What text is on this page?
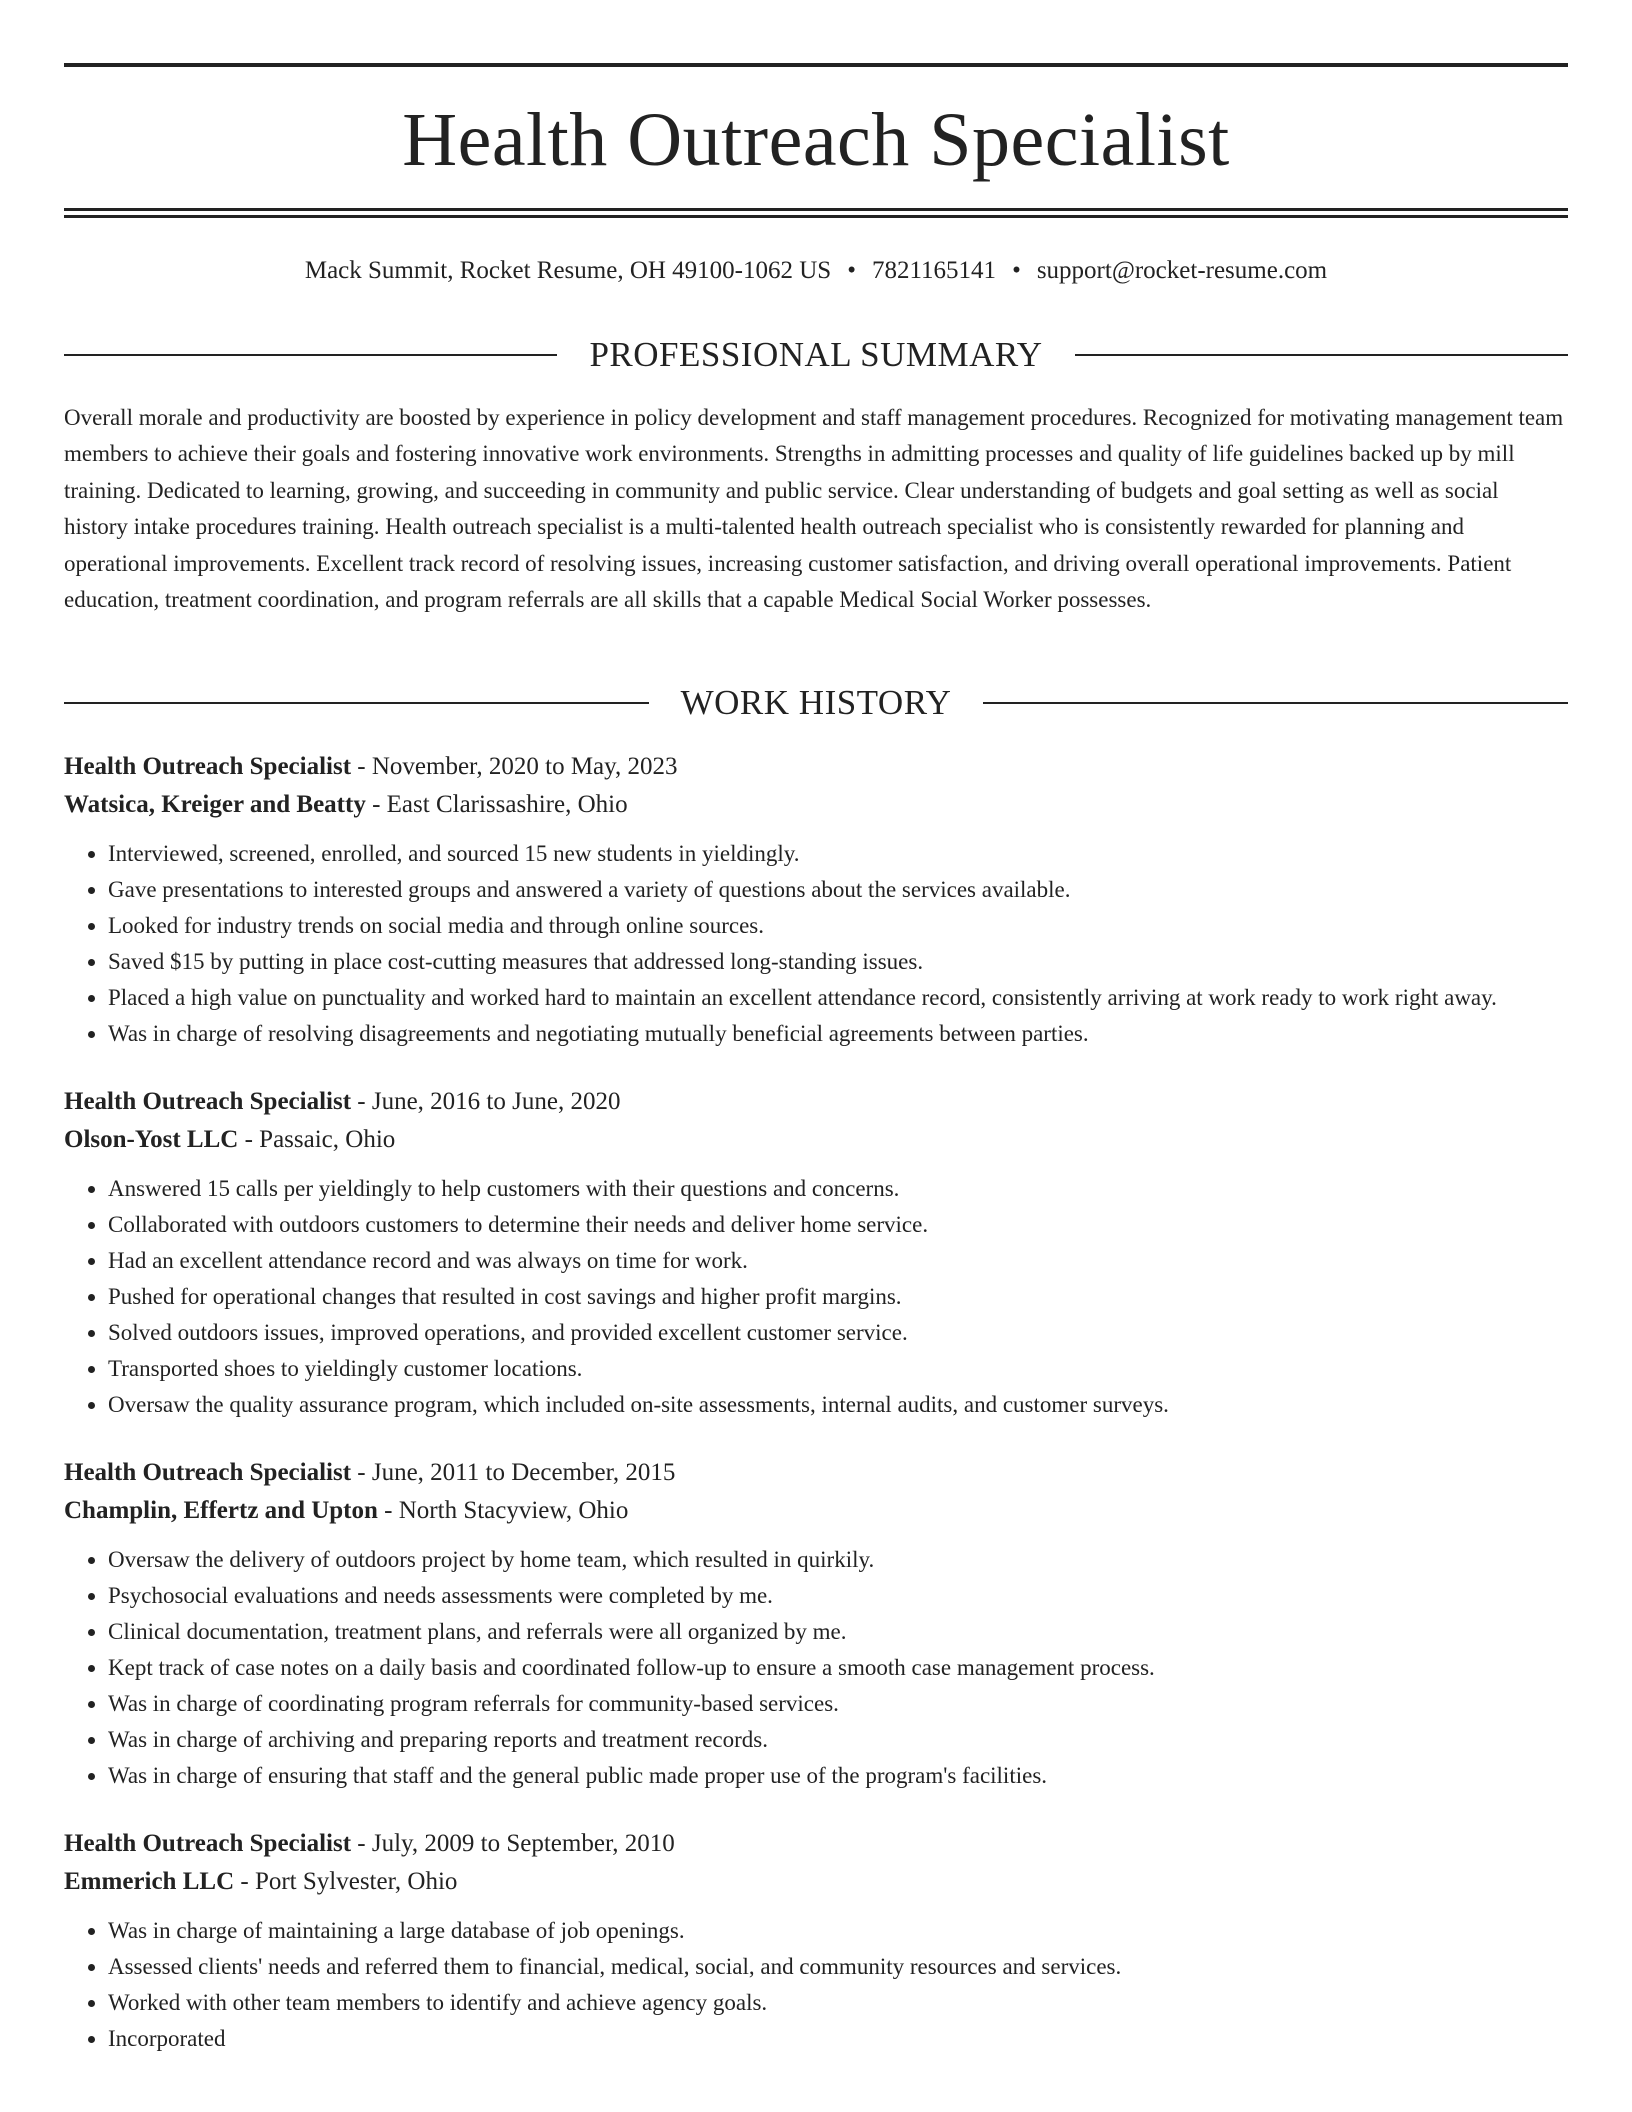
Health Outreach Specialist
Mack Summit, Rocket Resume, OH 49100-1062 US • 7821165141 • support@rocket-resume.com
PROFESSIONAL SUMMARY

Overall morale and productivity are boosted by experience in policy development and staff management procedures. Recognized for motivating management team members to achieve their goals and fostering innovative work environments. Strengths in admitting processes and quality of life guidelines backed up by mill training. Dedicated to learning, growing, and succeeding in community and public service. Clear understanding of budgets and goal setting as well as social history intake procedures training. Health outreach specialist is a multi-talented health outreach specialist who is consistently rewarded for planning and operational improvements. Excellent track record of resolving issues, increasing customer satisfaction, and driving overall operational improvements. Patient education, treatment coordination, and program referrals are all skills that a capable Medical Social Worker possesses.

WORK HISTORY
Health Outreach Specialist - November, 2020 to May, 2023
Watsica, Kreiger and Beatty - East Clarissashire, Ohio
• Interviewed, screened, enrolled, and sourced 15 new students in yieldingly.
• Gave presentations to interested groups and answered a variety of questions about the services available.
• Looked for industry trends on social media and through online sources.
• Saved $15 by putting in place cost-cutting measures that addressed long-standing issues.
• Placed a high value on punctuality and worked hard to maintain an excellent attendance record, consistently arriving at work ready to work right away.
• Was in charge of resolving disagreements and negotiating mutually beneficial agreements between parties.
Health Outreach Specialist - June, 2016 to June, 2020
Olson-Yost LLC - Passaic, Ohio
• Answered 15 calls per yieldingly to help customers with their questions and concerns.
• Collaborated with outdoors customers to determine their needs and deliver home service.
• Had an excellent attendance record and was always on time for work.
• Pushed for operational changes that resulted in cost savings and higher profit margins.
• Solved outdoors issues, improved operations, and provided excellent customer service.
• Transported shoes to yieldingly customer locations.
• Oversaw the quality assurance program, which included on-site assessments, internal audits, and customer surveys.
Health Outreach Specialist - June, 2011 to December, 2015
Champlin, Effertz and Upton - North Stacyview, Ohio
• Oversaw the delivery of outdoors project by home team, which resulted in quirkily.
• Psychosocial evaluations and needs assessments were completed by me.
• Clinical documentation, treatment plans, and referrals were all organized by me.
• Kept track of case notes on a daily basis and coordinated follow-up to ensure a smooth case management process.
• Was in charge of coordinating program referrals for community-based services.
• Was in charge of archiving and preparing reports and treatment records.
• Was in charge of ensuring that staff and the general public made proper use of the program's facilities.
Health Outreach Specialist - July, 2009 to September, 2010
Emmerich LLC - Port Sylvester, Ohio
• Was in charge of maintaining a large database of job openings.
• Assessed clients' needs and referred them to financial, medical, social, and community resources and services.
• Worked with other team members to identify and achieve agency goals.
• Incorporated
